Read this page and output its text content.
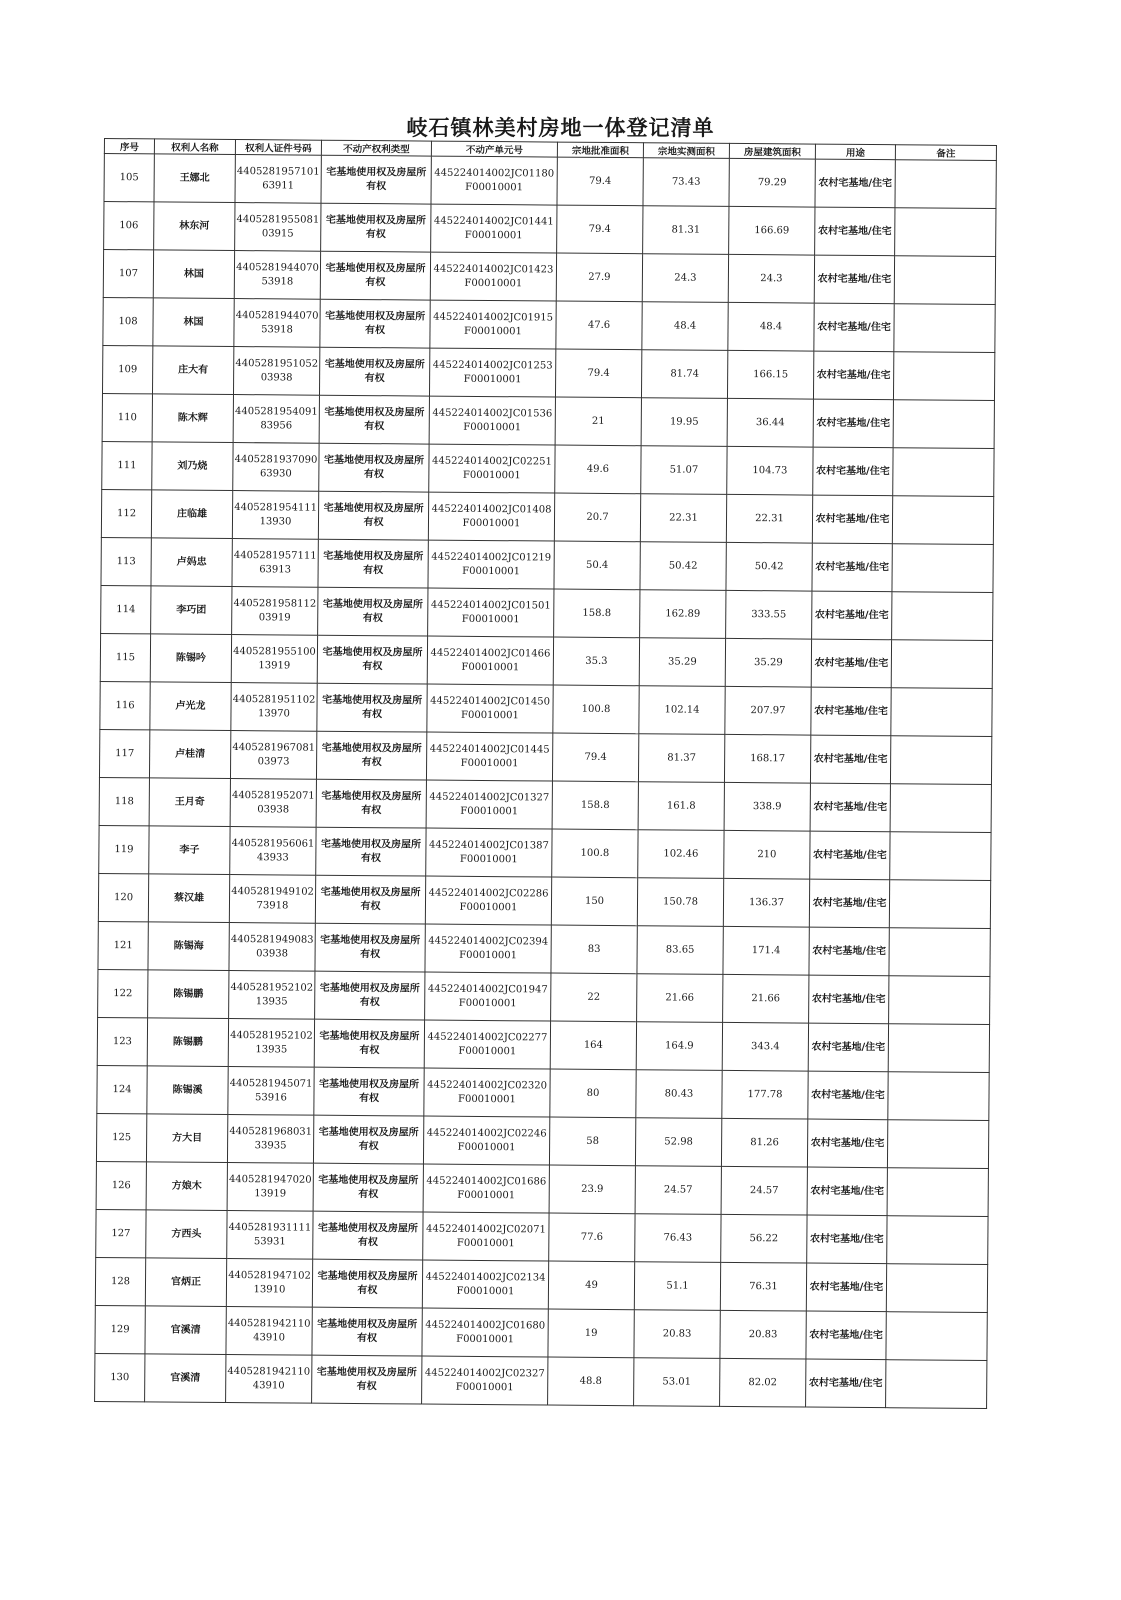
岐石镇林美村房地一体登记清单
序号	权利人名称	权利人证件号码	不动产权利类型	不动产单元号	宗地批准面积	宗地实测面积	房屋建筑面积	用途	备注
105	王娜北	440528195710163911	宅基地使用权及房屋所有权	445224014002JC01180F00010001	79.4	73.43	79.29	农村宅基地/住宅	
106	林东河	440528195508103915	宅基地使用权及房屋所有权	445224014002JC01441F00010001	79.4	81.31	166.69	农村宅基地/住宅	
107	林国	440528194407053918	宅基地使用权及房屋所有权	445224014002JC01423F00010001	27.9	24.3	24.3	农村宅基地/住宅	
108	林国	440528194407053918	宅基地使用权及房屋所有权	445224014002JC01915F00010001	47.6	48.4	48.4	农村宅基地/住宅	
109	庄大有	440528195105203938	宅基地使用权及房屋所有权	445224014002JC01253F00010001	79.4	81.74	166.15	农村宅基地/住宅	
110	陈木辉	440528195409183956	宅基地使用权及房屋所有权	445224014002JC01536F00010001	21	19.95	36.44	农村宅基地/住宅	
111	刘乃烧	440528193709063930	宅基地使用权及房屋所有权	445224014002JC02251F00010001	49.6	51.07	104.73	农村宅基地/住宅	
112	庄临雄	440528195411113930	宅基地使用权及房屋所有权	445224014002JC01408F00010001	20.7	22.31	22.31	农村宅基地/住宅	
113	卢妈忠	440528195711163913	宅基地使用权及房屋所有权	445224014002JC01219F00010001	50.4	50.42	50.42	农村宅基地/住宅	
114	李巧团	440528195811203919	宅基地使用权及房屋所有权	445224014002JC01501F00010001	158.8	162.89	333.55	农村宅基地/住宅	
115	陈锡吟	440528195510013919	宅基地使用权及房屋所有权	445224014002JC01466F00010001	35.3	35.29	35.29	农村宅基地/住宅	
116	卢光龙	440528195110213970	宅基地使用权及房屋所有权	445224014002JC01450F00010001	100.8	102.14	207.97	农村宅基地/住宅	
117	卢桂清	440528196708103973	宅基地使用权及房屋所有权	445224014002JC01445F00010001	79.4	81.37	168.17	农村宅基地/住宅	
118	王月奇	440528195207103938	宅基地使用权及房屋所有权	445224014002JC01327F00010001	158.8	161.8	338.9	农村宅基地/住宅	
119	李子	440528195606143933	宅基地使用权及房屋所有权	445224014002JC01387F00010001	100.8	102.46	210	农村宅基地/住宅	
120	蔡汉雄	440528194910273918	宅基地使用权及房屋所有权	445224014002JC02286F00010001	150	150.78	136.37	农村宅基地/住宅	
121	陈锡海	440528194908303938	宅基地使用权及房屋所有权	445224014002JC02394F00010001	83	83.65	171.4	农村宅基地/住宅	
122	陈锡鹏	440528195210213935	宅基地使用权及房屋所有权	445224014002JC01947F00010001	22	21.66	21.66	农村宅基地/住宅	
123	陈锡鹏	440528195210213935	宅基地使用权及房屋所有权	445224014002JC02277F00010001	164	164.9	343.4	农村宅基地/住宅	
124	陈锡溪	440528194507153916	宅基地使用权及房屋所有权	445224014002JC02320F00010001	80	80.43	177.78	农村宅基地/住宅	
125	方大目	440528196803133935	宅基地使用权及房屋所有权	445224014002JC02246F00010001	58	52.98	81.26	农村宅基地/住宅	
126	方娘木	440528194702013919	宅基地使用权及房屋所有权	445224014002JC01686F00010001	23.9	24.57	24.57	农村宅基地/住宅	
127	方西头	440528193111153931	宅基地使用权及房屋所有权	445224014002JC02071F00010001	77.6	76.43	56.22	农村宅基地/住宅	
128	官炳正	440528194710213910	宅基地使用权及房屋所有权	445224014002JC02134F00010001	49	51.1	76.31	农村宅基地/住宅	
129	官溪清	440528194211043910	宅基地使用权及房屋所有权	445224014002JC01680F00010001	19	20.83	20.83	农村宅基地/住宅	
130	官溪清	440528194211043910	宅基地使用权及房屋所有权	445224014002JC02327F00010001	48.8	53.01	82.02	农村宅基地/住宅	
